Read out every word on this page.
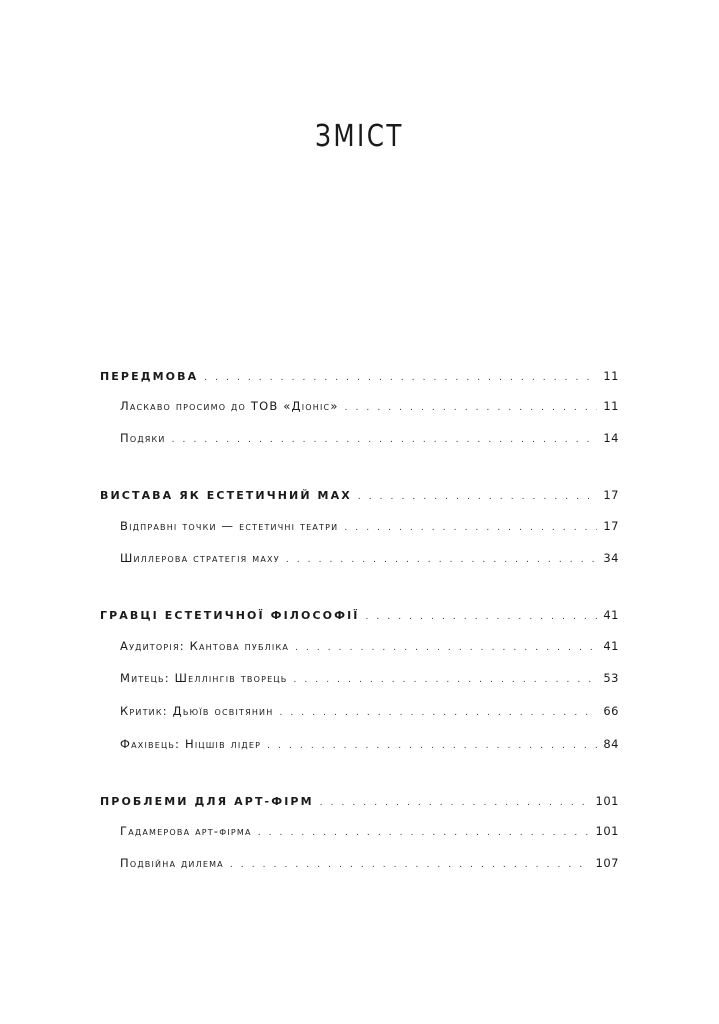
ЗМІСТ
ПЕРЕДМОВА . . .	11
Ласкаво просимо до ТОВ «Діоніс» . . .	11
Подяки . . .	14
ВИСТАВА ЯК ЕСТЕТИЧНИЙ МАХ . . .	17
Відправні точки — естетичні театри . . .	17
Шиллерова стратегія маху . . .	34
ГРАВЦІ ЕСТЕТИЧНОЇ ФІЛОСОФІЇ . . .	41
Аудиторія: Кантова публіка . . .	41
Митець: Шеллінгів творець . . .	53
Критик: Дьюїв освітянин . . .	66
Фахівець: Ніцшів лідер . . .	84
ПРОБЛЕМИ ДЛЯ АРТ-ФІРМ . . .	101
Гадамерова арт-фірма . . .	101
Подвійна дилема . . .	107
